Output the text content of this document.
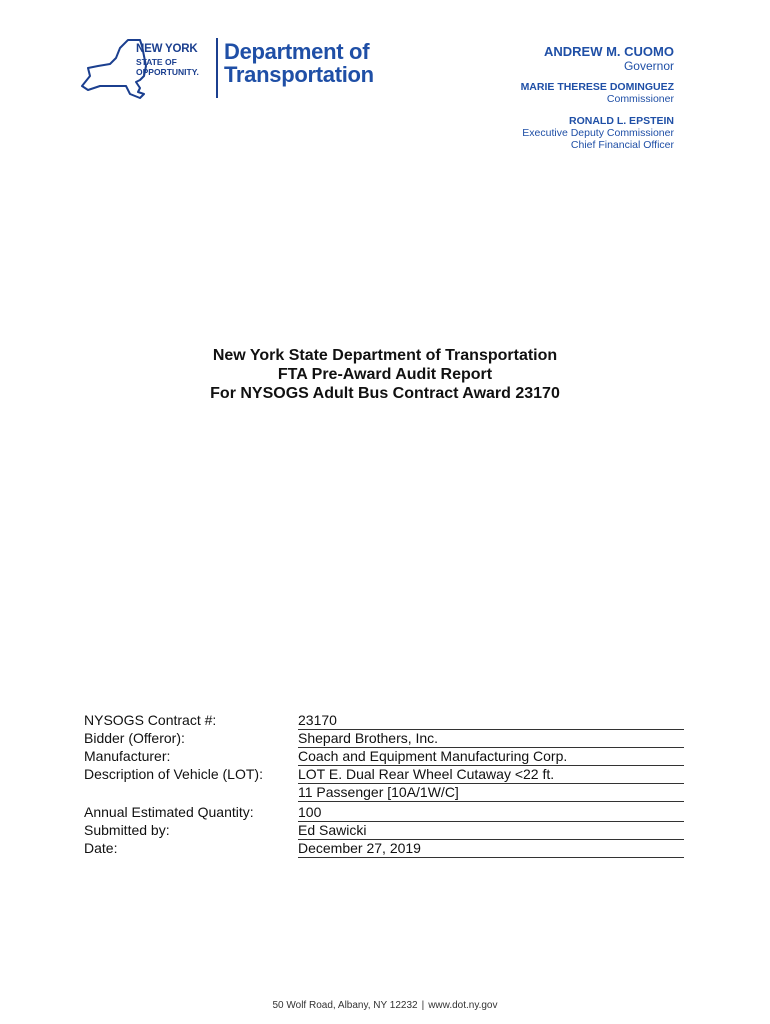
NEW YORK
STATE OF
OPPORTUNITY.
Department of
Transportation
ANDREW M. CUOMO
Governor
MARIE THERESE DOMINGUEZ
Commissioner
RONALD L. EPSTEIN
Executive Deputy Commissioner
Chief Financial Officer
New York State Department of Transportation
FTA Pre-Award Audit Report
For NYSOGS Adult Bus Contract Award 23170
NYSOGS Contract #:	23170
Bidder (Offeror):	Shepard Brothers, Inc.
Manufacturer:	Coach and Equipment Manufacturing Corp.
Description of Vehicle (LOT):	LOT E. Dual Rear Wheel Cutaway <22 ft.
11 Passenger [10A/1W/C]
Annual Estimated Quantity:	100
Submitted by:	Ed Sawicki
Date:	December 27, 2019
50 Wolf Road, Albany, NY 12232 | www.dot.ny.gov
